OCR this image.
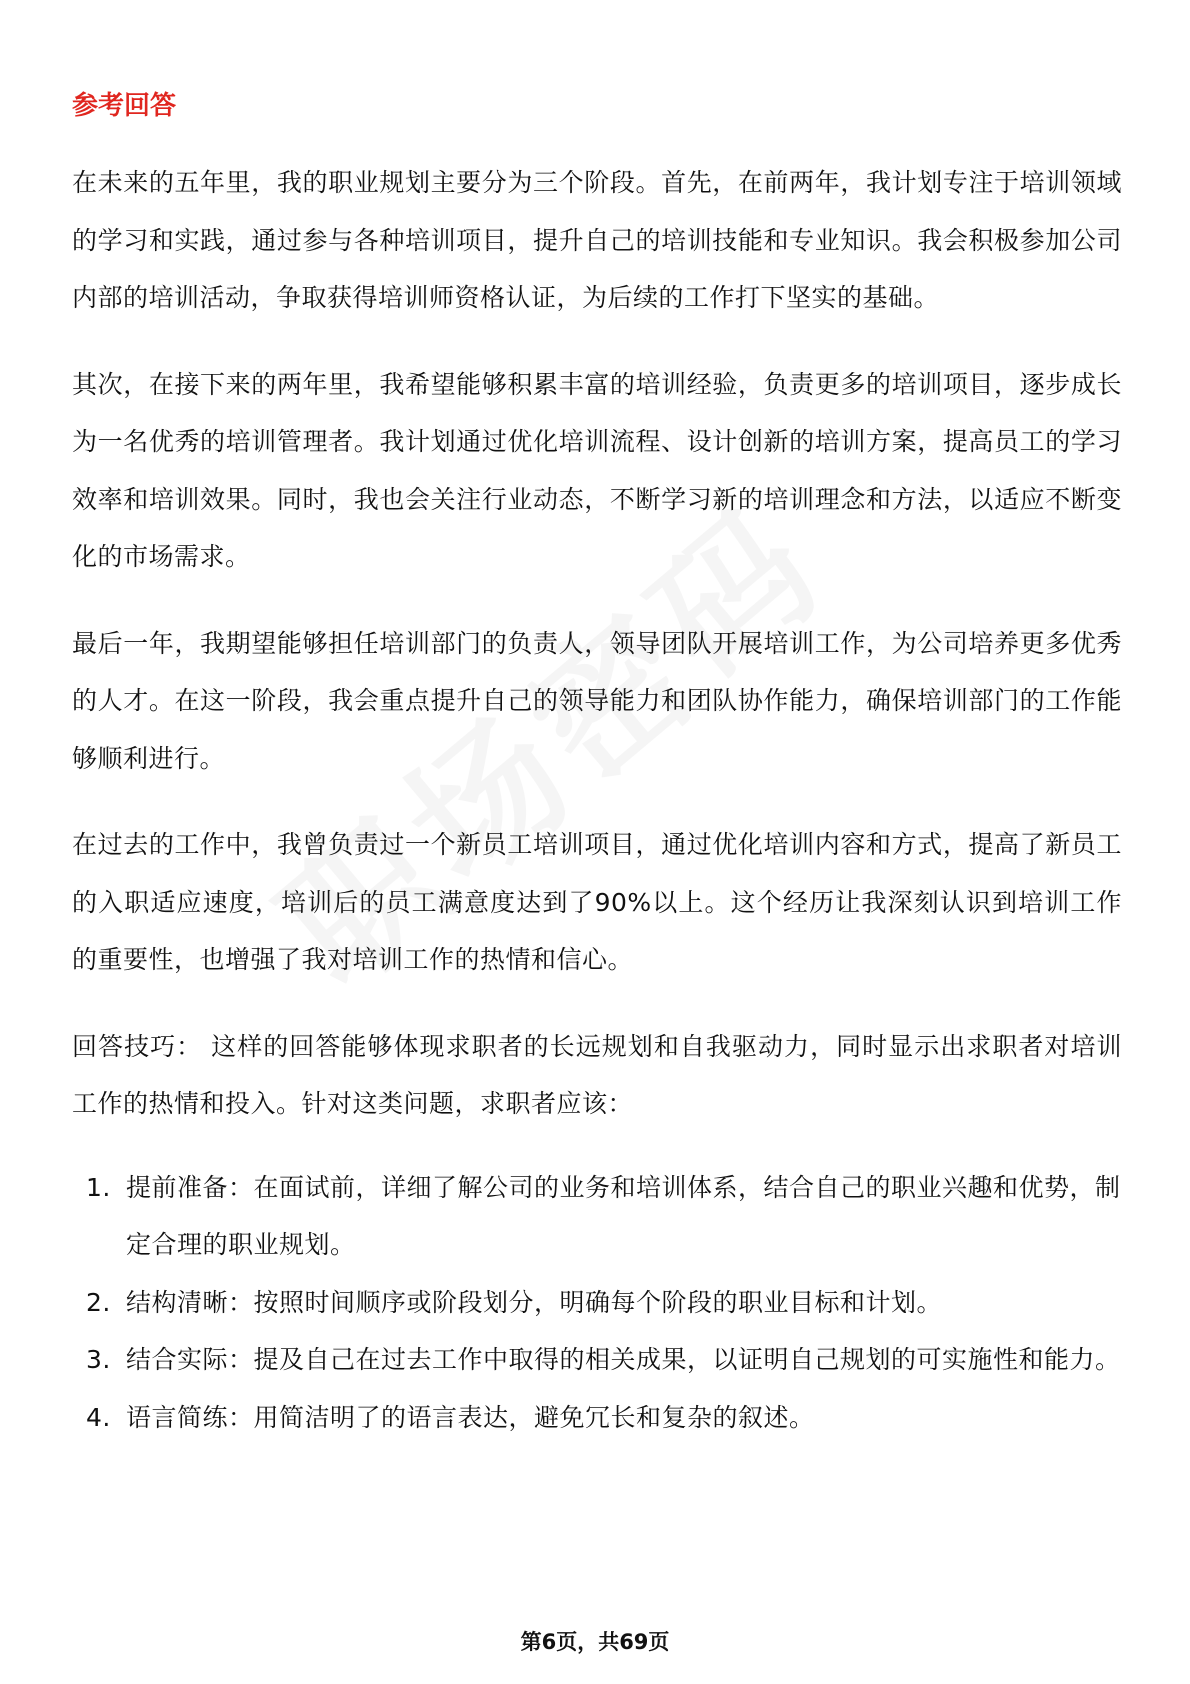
参考回答

在未来的五年里，我的职业规划主要分为三个阶段。首先，在前两年，我计划专注于培训领域的学习和实践，通过参与各种培训项目，提升自己的培训技能和专业知识。我会积极参加公司内部的培训活动，争取获得培训师资格认证，为后续的工作打下坚实的基础。

其次，在接下来的两年里，我希望能够积累丰富的培训经验，负责更多的培训项目，逐步成长为一名优秀的培训管理者。我计划通过优化培训流程、设计创新的培训方案，提高员工的学习效率和培训效果。同时，我也会关注行业动态，不断学习新的培训理念和方法，以适应不断变化的市场需求。

最后一年，我期望能够担任培训部门的负责人，领导团队开展培训工作，为公司培养更多优秀的人才。在这一阶段，我会重点提升自己的领导能力和团队协作能力，确保培训部门的工作能够顺利进行。

在过去的工作中，我曾负责过一个新员工培训项目，通过优化培训内容和方式，提高了新员工的入职适应速度，培训后的员工满意度达到了90%以上。这个经历让我深刻认识到培训工作的重要性，也增强了我对培训工作的热情和信心。

回答技巧： 这样的回答能够体现求职者的长远规划和自我驱动力，同时显示出求职者对培训工作的热情和投入。针对这类问题，求职者应该：

1. 提前准备：在面试前，详细了解公司的业务和培训体系，结合自己的职业兴趣和优势，制定合理的职业规划。
2. 结构清晰：按照时间顺序或阶段划分，明确每个阶段的职业目标和计划。
3. 结合实际：提及自己在过去工作中取得的相关成果，以证明自己规划的可实施性和能力。
4. 语言简练：用简洁明了的语言表达，避免冗长和复杂的叙述。
第6页，共69页
